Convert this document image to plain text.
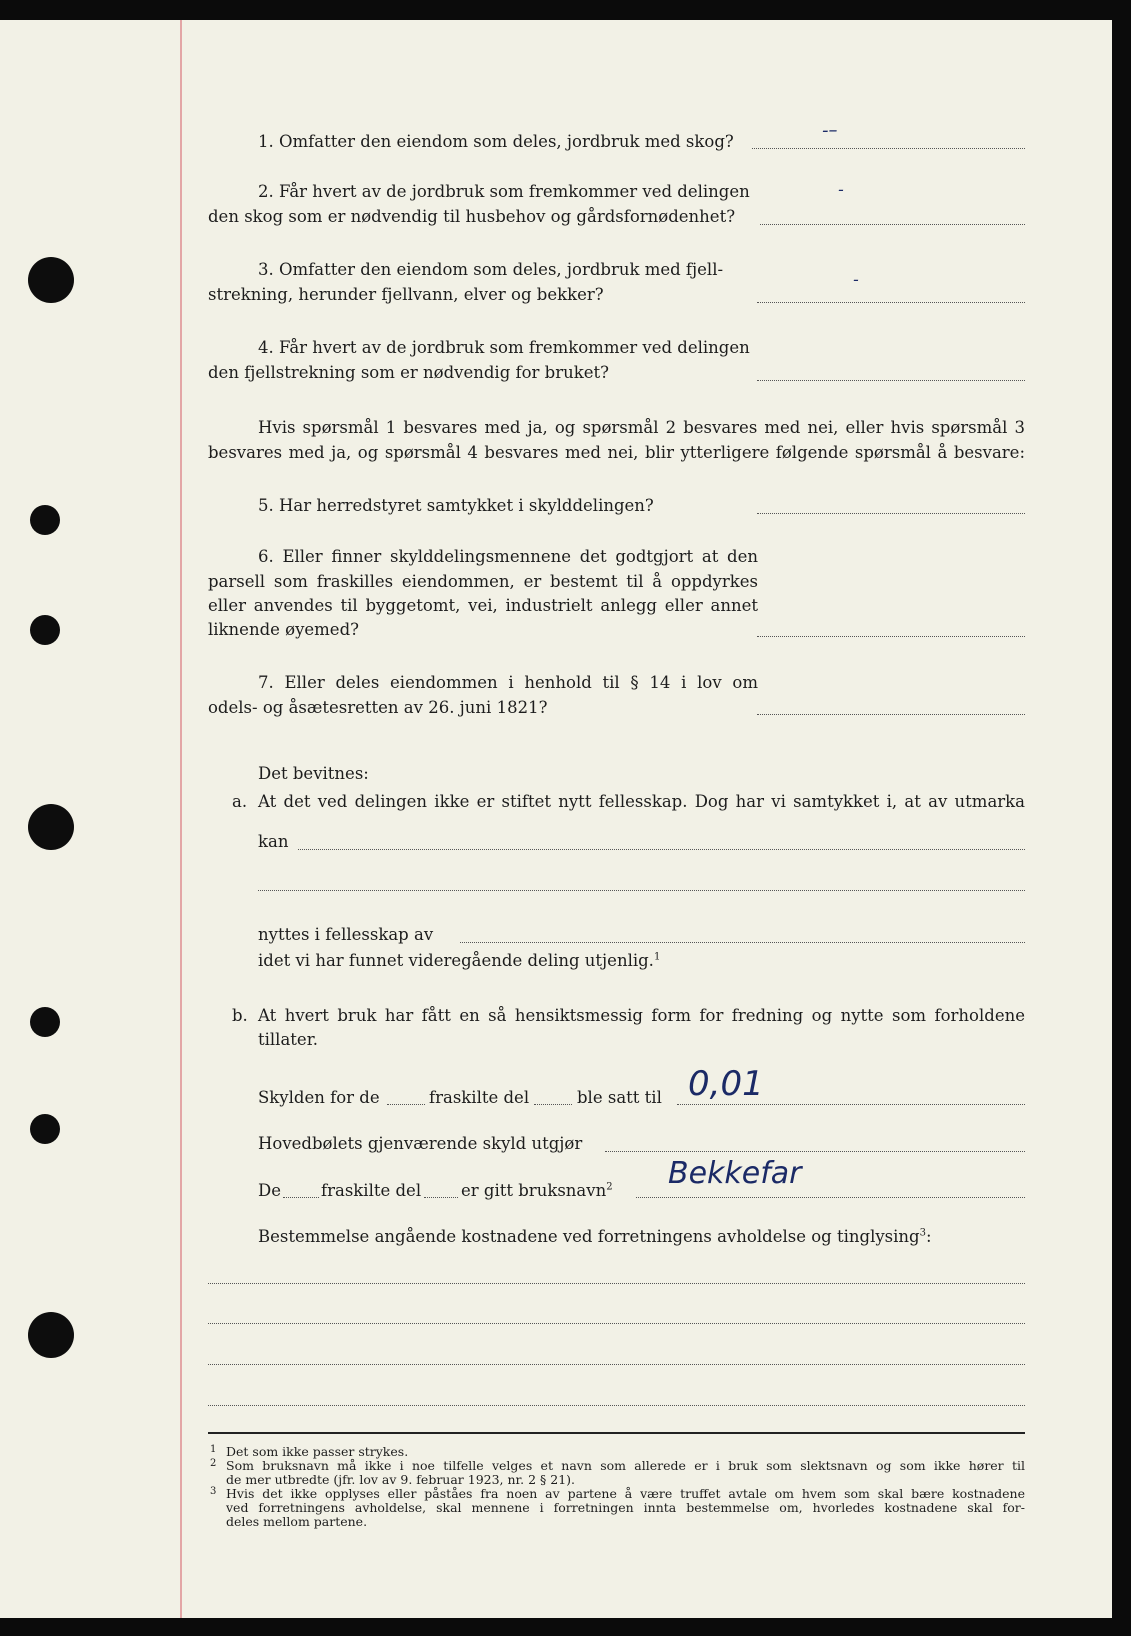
1. Omfatter den eiendom som deles, jordbruk med skog?
-–
2. Får hvert av de jordbruk som fremkommer ved delingen
den skog som er nødvendig til husbehov og gårdsfornødenhet?
-
3. Omfatter den eiendom som deles, jordbruk med fjell-
strekning, herunder fjellvann, elver og bekker?
-
4. Får hvert av de jordbruk som fremkommer ved delingen
den fjellstrekning som er nødvendig for bruket?
Hvis spørsmål 1 besvares med ja, og spørsmål 2 besvares med nei, eller hvis spørsmål 3
besvares med ja, og spørsmål 4 besvares med nei, blir ytterligere følgende spørsmål å besvare:
5. Har herredstyret samtykket i skylddelingen?
6. Eller finner skylddelingsmennene det godtgjort at den
parsell som fraskilles eiendommen, er bestemt til å oppdyrkes
eller anvendes til byggetomt, vei, industrielt anlegg eller annet
liknende øyemed?
7. Eller deles eiendommen i henhold til § 14 i lov om
odels- og åsætesretten av 26. juni 1821?
Det bevitnes:
a. At det ved delingen ikke er stiftet nytt fellesskap. Dog har vi samtykket i, at av utmarka
kan
nyttes i fellesskap av
idet vi har funnet videregående deling utjenlig.$^1$
b. At hvert bruk har fått en så hensiktsmessig form for fredning og nytte som forholdene
tillater.
Skylden for de	fraskilte del	ble satt til 0,01
Hovedbølets gjenværende skyld utgjør
De fraskilte del er gitt bruksnavn$^2$ Bekkefar
Bestemmelse angående kostnadene ved forretningens avholdelse og tinglysing$^3$:
1 Det som ikke passer strykes.
2 Som bruksnavn må ikke i noe tilfelle velges et navn som allerede er i bruk som slektsnavn og som ikke hører til
de mer utbredte (jfr. lov av 9. februar 1923, nr. 2 § 21).
3 Hvis det ikke opplyses eller påståes fra noen av partene å være truffet avtale om hvem som skal bære kostnadene
ved forretningens avholdelse, skal mennene i forretningen innta bestemmelse om, hvorledes kostnadene skal for-
deles mellom partene.
